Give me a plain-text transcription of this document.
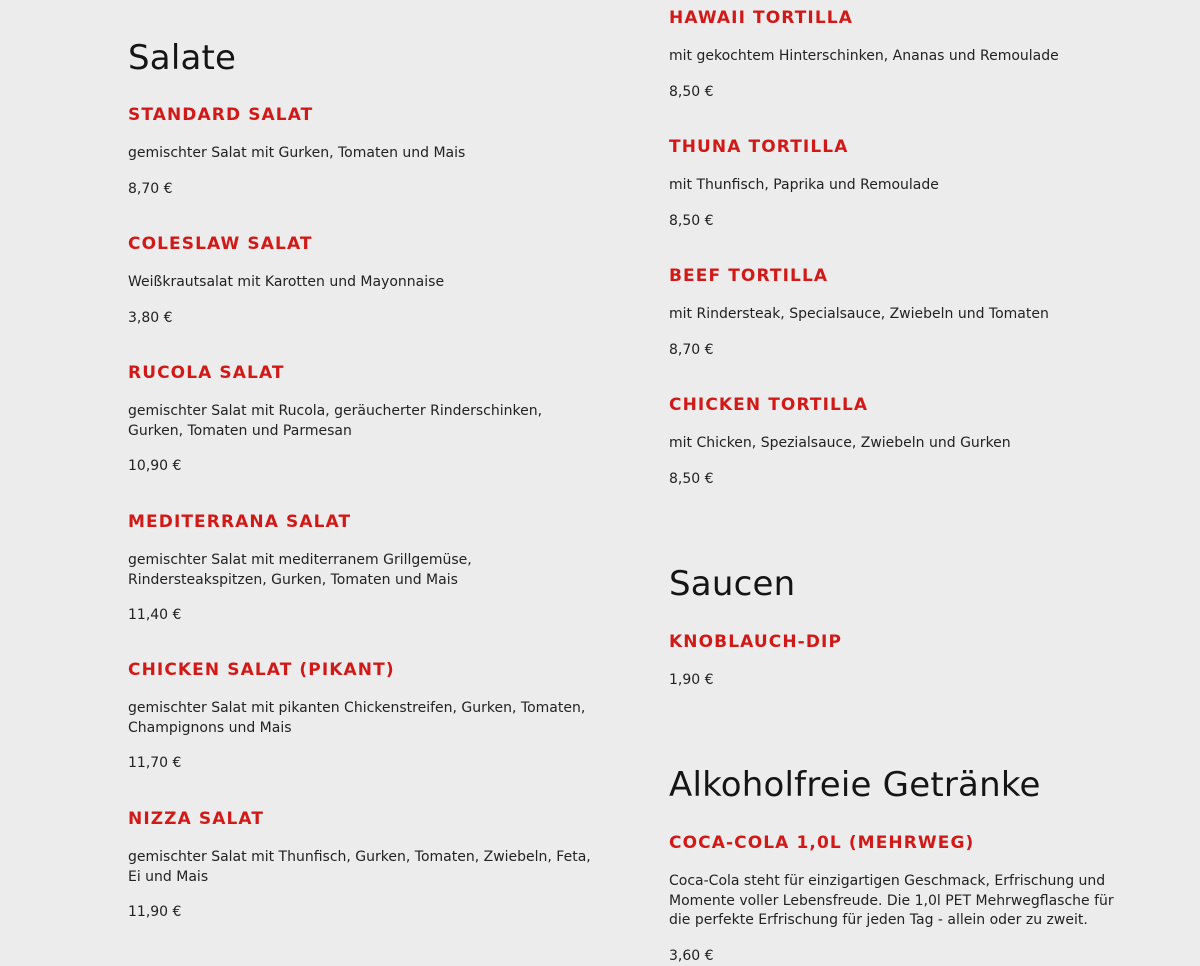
Salate
STANDARD SALAT

gemischter Salat mit Gurken, Tomaten und Mais

8,70 €

COLESLAW SALAT

Weißkrautsalat mit Karotten und Mayonnaise

3,80 €

RUCOLA SALAT

gemischter Salat mit Rucola, geräucherter Rinderschinken, Gurken, Tomaten und Parmesan

10,90 €

MEDITERRANA SALAT

gemischter Salat mit mediterranem Grillgemüse, Rindersteakspitzen, Gurken, Tomaten und Mais

11,40 €

CHICKEN SALAT (PIKANT)

gemischter Salat mit pikanten Chickenstreifen, Gurken, Tomaten, Champignons und Mais

11,70 €

NIZZA SALAT

gemischter Salat mit Thunfisch, Gurken, Tomaten, Zwiebeln, Feta, Ei und Mais

11,90 €

HAWAII TORTILLA

mit gekochtem Hinterschinken, Ananas und Remoulade

8,50 €

THUNA TORTILLA

mit Thunfisch, Paprika und Remoulade

8,50 €

BEEF TORTILLA

mit Rindersteak, Specialsauce, Zwiebeln und Tomaten

8,70 €

CHICKEN TORTILLA

mit Chicken, Spezialsauce, Zwiebeln und Gurken

8,50 €

Saucen
KNOBLAUCH-DIP

1,90 €

Alkoholfreie Getränke
COCA-COLA 1,0L (MEHRWEG)

Coca-Cola steht für einzigartigen Geschmack, Erfrischung und Momente voller Lebensfreude. Die 1,0l PET Mehrwegflasche für die perfekte Erfrischung für jeden Tag - allein oder zu zweit.

3,60 €
